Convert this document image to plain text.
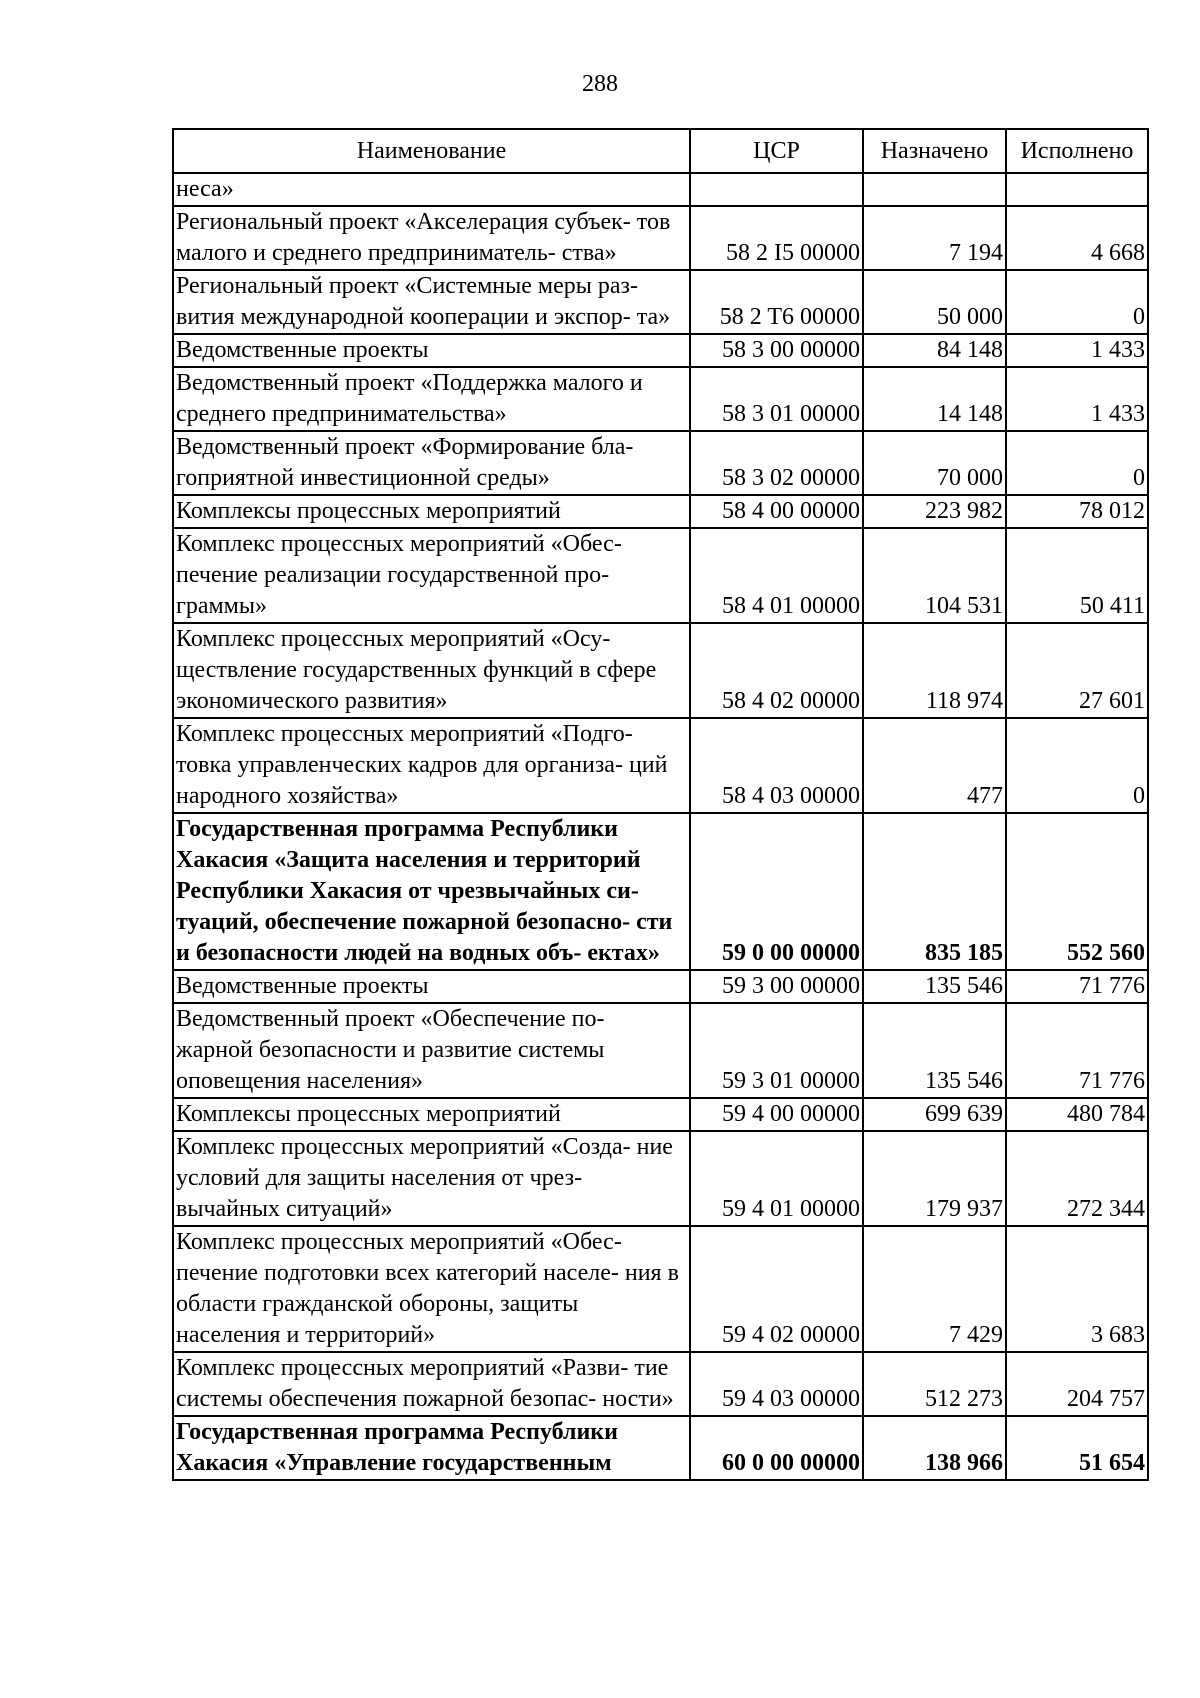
288
Наименование	ЦСР	Назначено	Исполнено
неса»			
Региональный проект «Акселерация субъек- тов малого и среднего предприниматель- ства»	58 2 I5 00000	7 194	4 668
Региональный проект «Системные меры раз- вития международной кооперации и экспор- та»	58 2 T6 00000	50 000	0
Ведомственные проекты	58 3 00 00000	84 148	1 433
Ведомственный проект «Поддержка малого и среднего предпринимательства»	58 3 01 00000	14 148	1 433
Ведомственный проект «Формирование бла- гоприятной инвестиционной среды»	58 3 02 00000	70 000	0
Комплексы процессных мероприятий	58 4 00 00000	223 982	78 012
Комплекс процессных мероприятий «Обес- печение реализации государственной про- граммы»	58 4 01 00000	104 531	50 411
Комплекс процессных мероприятий «Осу- ществление государственных функций в сфере экономического развития»	58 4 02 00000	118 974	27 601
Комплекс процессных мероприятий «Подго- товка управленческих кадров для организа- ций народного хозяйства»	58 4 03 00000	477	0
Государственная программа Республики Хакасия «Защита населения и территорий Республики Хакасия от чрезвычайных си- туаций, обеспечение пожарной безопасно- сти и безопасности людей на водных объ- ектах»	59 0 00 00000	835 185	552 560
Ведомственные проекты	59 3 00 00000	135 546	71 776
Ведомственный проект «Обеспечение по- жарной безопасности и развитие системы оповещения населения»	59 3 01 00000	135 546	71 776
Комплексы процессных мероприятий	59 4 00 00000	699 639	480 784
Комплекс процессных мероприятий «Созда- ние условий для защиты населения от чрез- вычайных ситуаций»	59 4 01 00000	179 937	272 344
Комплекс процессных мероприятий «Обес- печение подготовки всех категорий населе- ния в области гражданской обороны, защиты населения и территорий»	59 4 02 00000	7 429	3 683
Комплекс процессных мероприятий «Разви- тие системы обеспечения пожарной безопас- ности»	59 4 03 00000	512 273	204 757
Государственная программа Республики Хакасия «Управление государственным	60 0 00 00000	138 966	51 654
